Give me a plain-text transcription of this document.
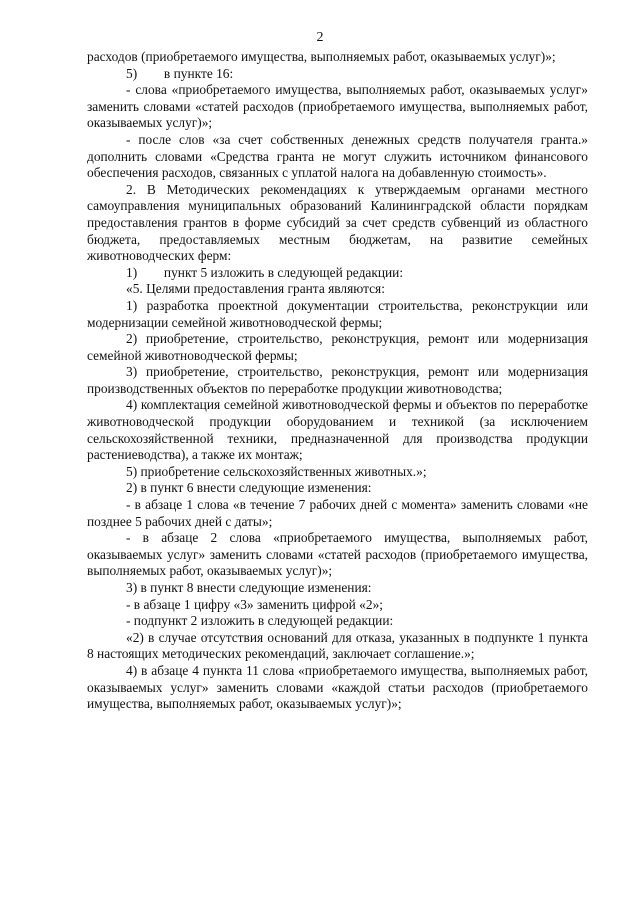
2

расходов (приобретаемого имущества, выполняемых работ, оказываемых услуг)»;

5)        в пункте 16:

- слова «приобретаемого имущества, выполняемых работ, оказываемых услуг» заменить словами «статей расходов (приобретаемого имущества, выполняемых работ, оказываемых услуг)»;

- после слов «за счет собственных денежных средств получателя гранта.» дополнить словами «Средства гранта не могут служить источником финансового обеспечения расходов, связанных с уплатой налога на добавленную стоимость».

2. В Методических рекомендациях к утверждаемым органами местного самоуправления муниципальных образований Калининградской области порядкам предоставления грантов в форме субсидий за счет средств субвенций из областного бюджета, предоставляемых местным бюджетам, на развитие семейных животноводческих ферм:

1)        пункт 5 изложить в следующей редакции:

«5. Целями предоставления гранта являются:

1) разработка проектной документации строительства, реконструкции или модернизации семейной животноводческой фермы;

2) приобретение, строительство, реконструкция, ремонт или модернизация семейной животноводческой фермы;

3) приобретение, строительство, реконструкция, ремонт или модернизация производственных объектов по переработке продукции животноводства;

4) комплектация семейной животноводческой фермы и объектов по переработке животноводческой продукции оборудованием и техникой (за исключением сельскохозяйственной техники, предназначенной для производства продукции растениеводства), а также их монтаж;

5) приобретение сельскохозяйственных животных.»;

2) в пункт 6 внести следующие изменения:

- в абзаце 1 слова «в течение 7 рабочих дней с момента» заменить словами «не позднее 5 рабочих дней с даты»;

- в абзаце 2 слова «приобретаемого имущества, выполняемых работ, оказываемых услуг» заменить словами «статей расходов (приобретаемого имущества, выполняемых работ, оказываемых услуг)»;

3) в пункт 8 внести следующие изменения:

- в абзаце 1 цифру «3» заменить цифрой «2»;

- подпункт 2 изложить в следующей редакции:

«2) в случае отсутствия оснований для отказа, указанных в подпункте 1 пункта 8 настоящих методических рекомендаций, заключает соглашение.»;

4) в абзаце 4 пункта 11 слова «приобретаемого имущества, выполняемых работ, оказываемых услуг» заменить словами «каждой статьи расходов (приобретаемого имущества, выполняемых работ, оказываемых услуг)»;
